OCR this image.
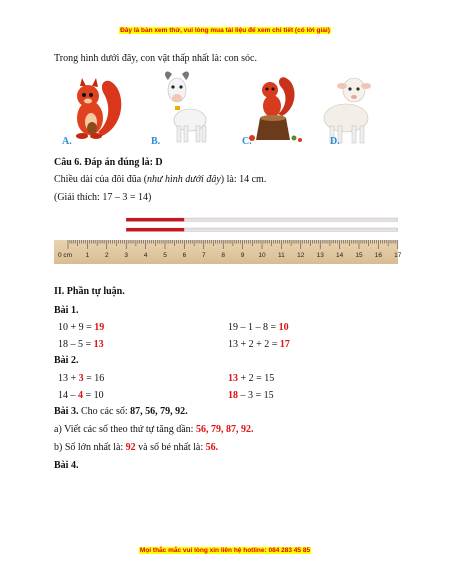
Đây là bản xem thử, vui lòng mua tài liệu để xem chi tiết (có lời giải)
Trong hình dưới đây, con vật thấp nhất là: con sóc.
A.	B.	C.	D.
Câu 6. Đáp án đúng là: D
Chiều dài của đôi đũa (như hình dưới đây) là: 14 cm.
(Giải thích: 17 – 3 = 14)
0 cm 1 2 3 4 5 6 7 8 9 10 11 12 13 14 15 16 17
II. Phần tự luận.
Bài 1.
10 + 9 = 19	19 – 1 – 8 = 10
18 – 5 = 13	13 + 2 + 2 = 17
Bài 2.
13 + 3 = 16	13 + 2 = 15
14 – 4 = 10	18 – 3 = 15
Bài 3. Cho các số: 87, 56, 79, 92.
a) Viết các số theo thứ tự tăng dần: 56, 79, 87, 92.
b) Số lớn nhất là: 92 và số bé nhất là: 56.
Bài 4.
Mọi thắc mắc vui lòng xin liên hệ hotline: 084 283 45 85
